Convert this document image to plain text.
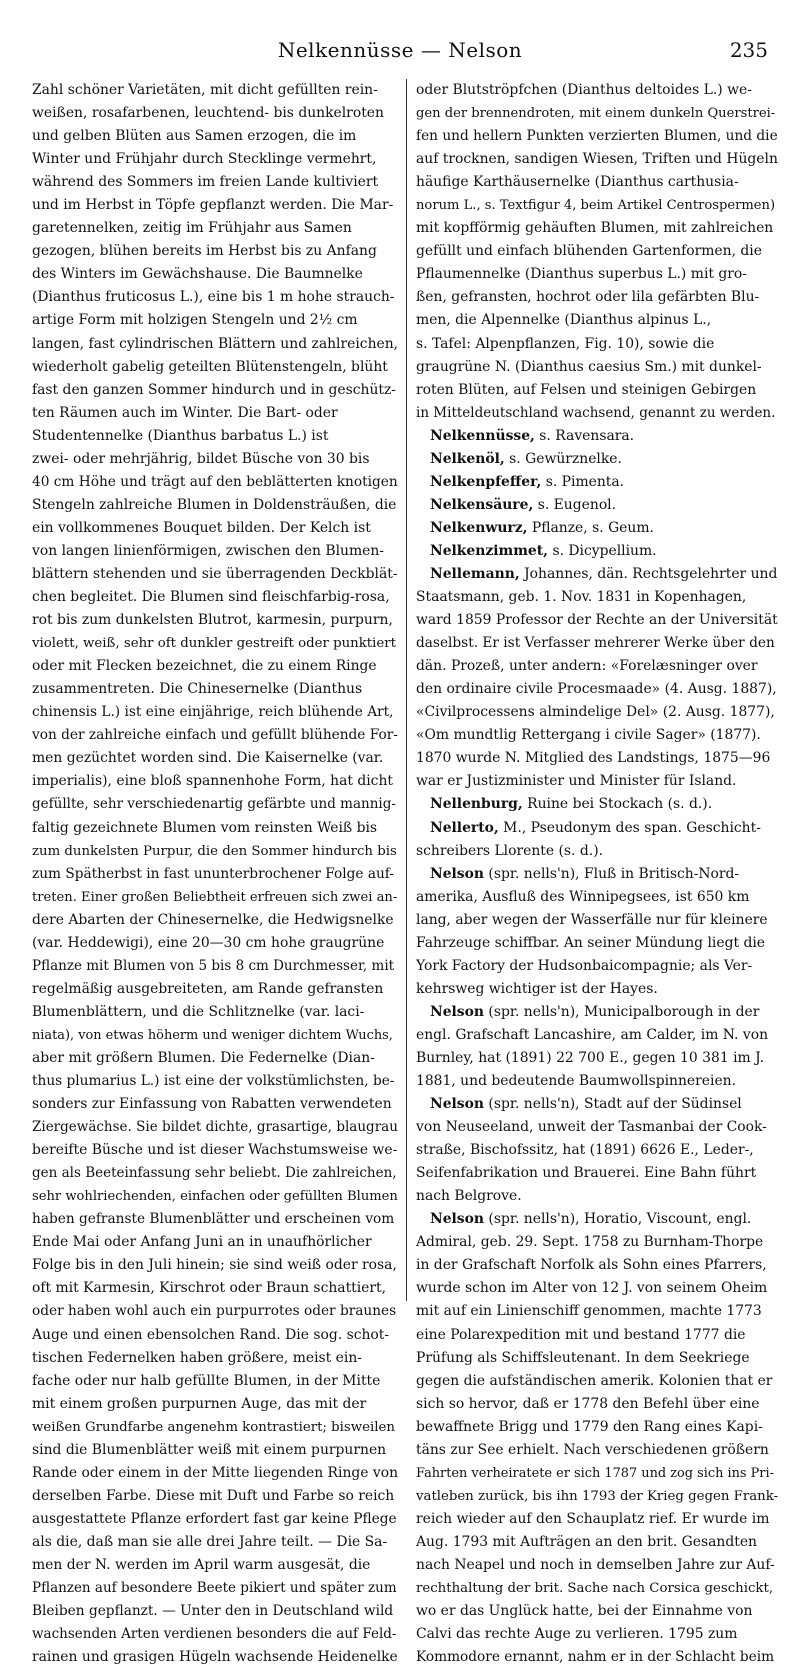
Nelkennüsse — Nelson	235
Zahl schöner Varietäten, mit dicht gefüllten rein-
weißen, rosafarbenen, leuchtend- bis dunkelroten
und gelben Blüten aus Samen erzogen, die im
Winter und Frühjahr durch Stecklinge vermehrt,
während des Sommers im freien Lande kultiviert
und im Herbst in Töpfe gepflanzt werden. Die Mar-
garetennelken, zeitig im Frühjahr aus Samen
gezogen, blühen bereits im Herbst bis zu Anfang
des Winters im Gewächshause. Die Baumnelke
(Dianthus fruticosus L.), eine bis 1 m hohe strauch-
artige Form mit holzigen Stengeln und 2½ cm
langen, fast cylindrischen Blättern und zahlreichen,
wiederholt gabelig geteilten Blütenstengeln, blüht
fast den ganzen Sommer hindurch und in geschütz-
ten Räumen auch im Winter. Die Bart- oder
Studentennelke (Dianthus barbatus L.) ist
zwei- oder mehrjährig, bildet Büsche von 30 bis
40 cm Höhe und trägt auf den beblätterten knotigen
Stengeln zahlreiche Blumen in Doldensträußen, die
ein vollkommenes Bouquet bilden. Der Kelch ist
von langen linienförmigen, zwischen den Blumen-
blättern stehenden und sie überragenden Deckblät-
chen begleitet. Die Blumen sind fleischfarbig-rosa,
rot bis zum dunkelsten Blutrot, karmesin, purpurn,
violett, weiß, sehr oft dunkler gestreift oder punktiert
oder mit Flecken bezeichnet, die zu einem Ringe
zusammentreten. Die Chinesernelke (Dianthus
chinensis L.) ist eine einjährige, reich blühende Art,
von der zahlreiche einfach und gefüllt blühende For-
men gezüchtet worden sind. Die Kaisernelke (var.
imperialis), eine bloß spannenhohe Form, hat dicht
gefüllte, sehr verschiedenartig gefärbte und mannig-
faltig gezeichnete Blumen vom reinsten Weiß bis
zum dunkelsten Purpur, die den Sommer hindurch bis
zum Spätherbst in fast ununterbrochener Folge auf-
treten. Einer großen Beliebtheit erfreuen sich zwei an-
dere Abarten der Chinesernelke, die Hedwigsnelke
(var. Heddewigi), eine 20—30 cm hohe graugrüne
Pflanze mit Blumen von 5 bis 8 cm Durchmesser, mit
regelmäßig ausgebreiteten, am Rande gefransten
Blumenblättern, und die Schlitznelke (var. laci-
niata), von etwas höherm und weniger dichtem Wuchs,
aber mit größern Blumen. Die Federnelke (Dian-
thus plumarius L.) ist eine der volkstümlichsten, be-
sonders zur Einfassung von Rabatten verwendeten
Ziergewächse. Sie bildet dichte, grasartige, blaugrau
bereifte Büsche und ist dieser Wachstumsweise we-
gen als Beeteinfassung sehr beliebt. Die zahlreichen,
sehr wohlriechenden, einfachen oder gefüllten Blumen
haben gefranste Blumenblätter und erscheinen vom
Ende Mai oder Anfang Juni an in unaufhörlicher
Folge bis in den Juli hinein; sie sind weiß oder rosa,
oft mit Karmesin, Kirschrot oder Braun schattiert,
oder haben wohl auch ein purpurrotes oder braunes
Auge und einen ebensolchen Rand. Die sog. schot-
tischen Federnelken haben größere, meist ein-
fache oder nur halb gefüllte Blumen, in der Mitte
mit einem großen purpurnen Auge, das mit der
weißen Grundfarbe angenehm kontrastiert; bisweilen
sind die Blumenblätter weiß mit einem purpurnen
Rande oder einem in der Mitte liegenden Ringe von
derselben Farbe. Diese mit Duft und Farbe so reich
ausgestattete Pflanze erfordert fast gar keine Pflege
als die, daß man sie alle drei Jahre teilt. — Die Sa-
men der N. werden im April warm ausgesät, die
Pflanzen auf besondere Beete pikiert und später zum
Bleiben gepflanzt. — Unter den in Deutschland wild
wachsenden Arten verdienen besonders die auf Feld-
rainen und grasigen Hügeln wachsende Heidenelke
oder Blutströpfchen (Dianthus deltoides L.) we-
gen der brennendroten, mit einem dunkeln Querstrei-
fen und hellern Punkten verzierten Blumen, und die
auf trocknen, sandigen Wiesen, Triften und Hügeln
häufige Karthäusernelke (Dianthus carthusia-
norum L., s. Textfigur 4, beim Artikel Centrospermen)
mit kopfförmig gehäuften Blumen, mit zahlreichen
gefüllt und einfach blühenden Gartenformen, die
Pflaumennelke (Dianthus superbus L.) mit gro-
ßen, gefransten, hochrot oder lila gefärbten Blu-
men, die Alpennelke (Dianthus alpinus L.,
s. Tafel: Alpenpflanzen, Fig. 10), sowie die
graugrüne N. (Dianthus caesius Sm.) mit dunkel-
roten Blüten, auf Felsen und steinigen Gebirgen
in Mitteldeutschland wachsend, genannt zu werden.
Nelkennüsse, s. Ravensara.
Nelkenöl, s. Gewürznelke.
Nelkenpfeffer, s. Pimenta.
Nelkensäure, s. Eugenol.
Nelkenwurz, Pflanze, s. Geum.
Nelkenzimmet, s. Dicypellium.
Nellemann, Johannes, dän. Rechtsgelehrter und
Staatsmann, geb. 1. Nov. 1831 in Kopenhagen,
ward 1859 Professor der Rechte an der Universität
daselbst. Er ist Verfasser mehrerer Werke über den
dän. Prozeß, unter andern: «Forelæsninger over
den ordinaire civile Procesmaade» (4. Ausg. 1887),
«Civilprocessens almindelige Del» (2. Ausg. 1877),
«Om mundtlig Rettergang i civile Sager» (1877).
1870 wurde N. Mitglied des Landstings, 1875—96
war er Justizminister und Minister für Island.
Nellenburg, Ruine bei Stockach (s. d.).
Nellerto, M., Pseudonym des span. Geschicht-
schreibers Llorente (s. d.).
Nelson (spr. nells'n), Fluß in Britisch-Nord-
amerika, Ausfluß des Winnipegsees, ist 650 km
lang, aber wegen der Wasserfälle nur für kleinere
Fahrzeuge schiffbar. An seiner Mündung liegt die
York Factory der Hudsonbaicompagnie; als Ver-
kehrsweg wichtiger ist der Hayes.
Nelson (spr. nells'n), Municipalborough in der
engl. Grafschaft Lancashire, am Calder, im N. von
Burnley, hat (1891) 22 700 E., gegen 10 381 im J.
1881, und bedeutende Baumwollspinnereien.
Nelson (spr. nells'n), Stadt auf der Südinsel
von Neuseeland, unweit der Tasmanbai der Cook-
straße, Bischofssitz, hat (1891) 6626 E., Leder-,
Seifenfabrikation und Brauerei. Eine Bahn führt
nach Belgrove.
Nelson (spr. nells'n), Horatio, Viscount, engl.
Admiral, geb. 29. Sept. 1758 zu Burnham-Thorpe
in der Grafschaft Norfolk als Sohn eines Pfarrers,
wurde schon im Alter von 12 J. von seinem Oheim
mit auf ein Linienschiff genommen, machte 1773
eine Polarexpedition mit und bestand 1777 die
Prüfung als Schiffsleutenant. In dem Seekriege
gegen die aufständischen amerik. Kolonien that er
sich so hervor, daß er 1778 den Befehl über eine
bewaffnete Brigg und 1779 den Rang eines Kapi-
täns zur See erhielt. Nach verschiedenen größern
Fahrten verheiratete er sich 1787 und zog sich ins Pri-
vatleben zurück, bis ihn 1793 der Krieg gegen Frank-
reich wieder auf den Schauplatz rief. Er wurde im
Aug. 1793 mit Aufträgen an den brit. Gesandten
nach Neapel und noch in demselben Jahre zur Auf-
rechthaltung der brit. Sache nach Corsica geschickt,
wo er das Unglück hatte, bei der Einnahme von
Calvi das rechte Auge zu verlieren. 1795 zum
Kommodore ernannt, nahm er in der Schlacht beim
